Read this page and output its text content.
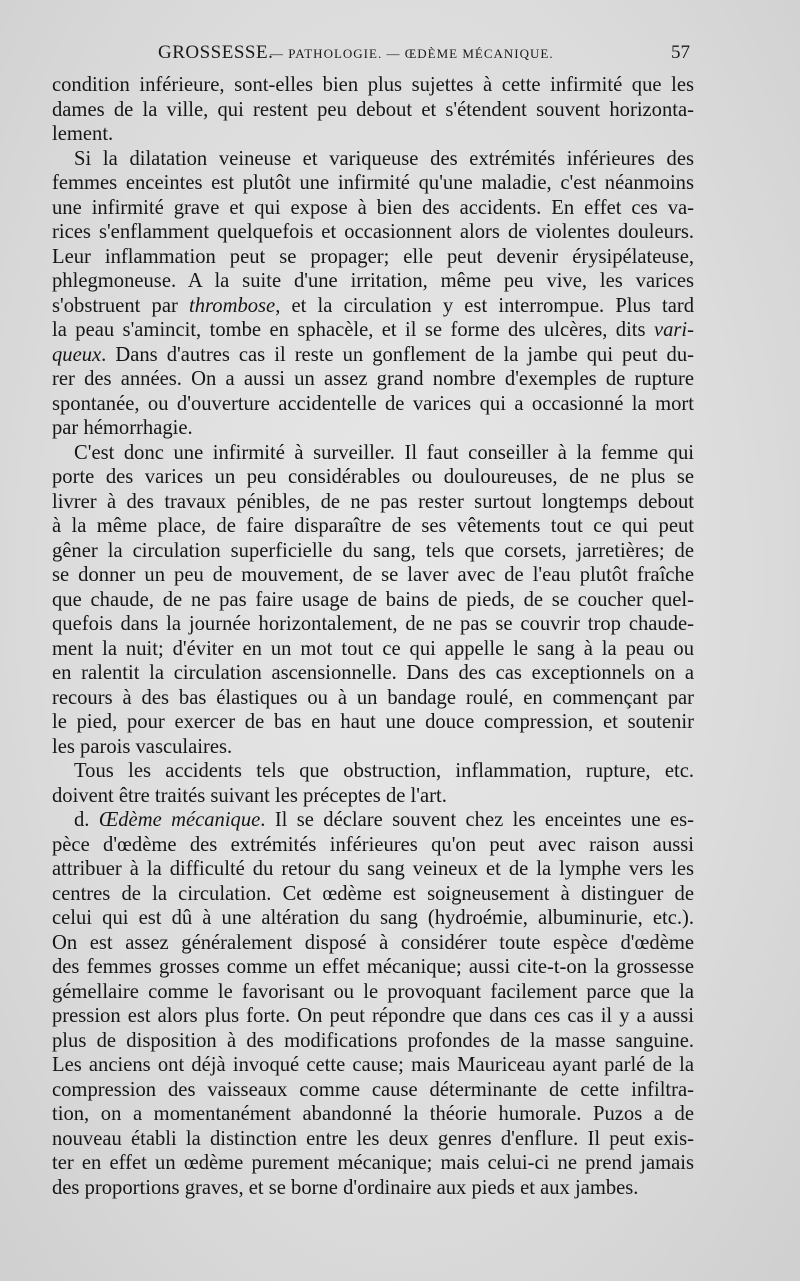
GROSSESSE.
— PATHOLOGIE. — ŒDÈME MÉCANIQUE.	57
condition inférieure, sont-elles bien plus sujettes à cette infirmité que les
dames de la ville, qui restent peu debout et s'étendent souvent horizonta-
lement.
Si la dilatation veineuse et variqueuse des extrémités inférieures des
femmes enceintes est plutôt une infirmité qu'une maladie, c'est néanmoins
une infirmité grave et qui expose à bien des accidents. En effet ces va-
rices s'enflamment quelquefois et occasionnent alors de violentes douleurs.
Leur inflammation peut se propager; elle peut devenir érysipélateuse,
phlegmoneuse. A la suite d'une irritation, même peu vive, les varices
s'obstruent par thrombose, et la circulation y est interrompue. Plus tard
la peau s'amincit, tombe en sphacèle, et il se forme des ulcères, dits vari-
queux. Dans d'autres cas il reste un gonflement de la jambe qui peut du-
rer des années. On a aussi un assez grand nombre d'exemples de rupture
spontanée, ou d'ouverture accidentelle de varices qui a occasionné la mort
par hémorrhagie.
C'est donc une infirmité à surveiller. Il faut conseiller à la femme qui
porte des varices un peu considérables ou douloureuses, de ne plus se
livrer à des travaux pénibles, de ne pas rester surtout longtemps debout
à la même place, de faire disparaître de ses vêtements tout ce qui peut
gêner la circulation superficielle du sang, tels que corsets, jarretières; de
se donner un peu de mouvement, de se laver avec de l'eau plutôt fraîche
que chaude, de ne pas faire usage de bains de pieds, de se coucher quel-
quefois dans la journée horizontalement, de ne pas se couvrir trop chaude-
ment la nuit; d'éviter en un mot tout ce qui appelle le sang à la peau ou
en ralentit la circulation ascensionnelle. Dans des cas exceptionnels on a
recours à des bas élastiques ou à un bandage roulé, en commençant par
le pied, pour exercer de bas en haut une douce compression, et soutenir
les parois vasculaires.
Tous les accidents tels que obstruction, inflammation, rupture, etc.
doivent être traités suivant les préceptes de l'art.
d. Œdème mécanique. Il se déclare souvent chez les enceintes une es-
pèce d'œdème des extrémités inférieures qu'on peut avec raison aussi
attribuer à la difficulté du retour du sang veineux et de la lymphe vers les
centres de la circulation. Cet œdème est soigneusement à distinguer de
celui qui est dû à une altération du sang (hydroémie, albuminurie, etc.).
On est assez généralement disposé à considérer toute espèce d'œdème
des femmes grosses comme un effet mécanique; aussi cite-t-on la grossesse
gémellaire comme le favorisant ou le provoquant facilement parce que la
pression est alors plus forte. On peut répondre que dans ces cas il y a aussi
plus de disposition à des modifications profondes de la masse sanguine.
Les anciens ont déjà invoqué cette cause; mais Mauriceau ayant parlé de la
compression des vaisseaux comme cause déterminante de cette infiltra-
tion, on a momentanément abandonné la théorie humorale. Puzos a de
nouveau établi la distinction entre les deux genres d'enflure. Il peut exis-
ter en effet un œdème purement mécanique; mais celui-ci ne prend jamais
des proportions graves, et se borne d'ordinaire aux pieds et aux jambes.
